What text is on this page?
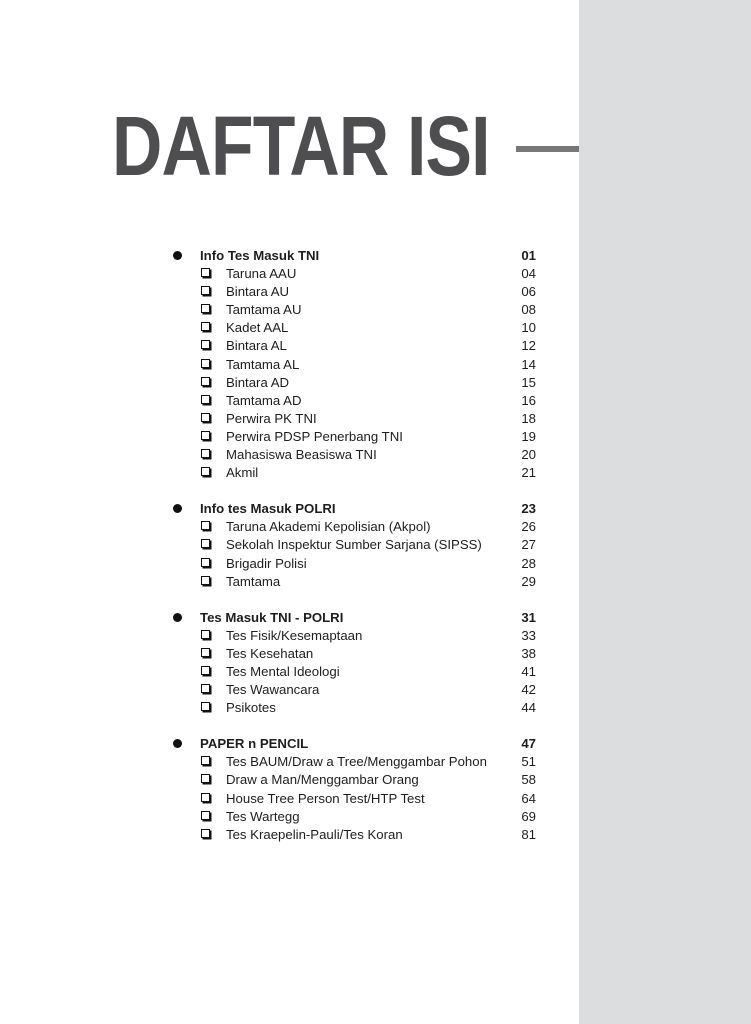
DAFTAR ISI
Info Tes Masuk TNI	01
Taruna AAU	04
Bintara AU	06
Tamtama AU	08
Kadet AAL	10
Bintara AL	12
Tamtama AL	14
Bintara AD	15
Tamtama AD	16
Perwira PK TNI	18
Perwira PDSP Penerbang TNI	19
Mahasiswa Beasiswa TNI	20
Akmil	21
Info tes Masuk POLRI	23
Taruna Akademi Kepolisian (Akpol)	26
Sekolah Inspektur Sumber Sarjana (SIPSS)	27
Brigadir Polisi	28
Tamtama	29
Tes Masuk TNI - POLRI	31
Tes Fisik/Kesemaptaan	33
Tes Kesehatan	38
Tes Mental Ideologi	41
Tes Wawancara	42
Psikotes	44
PAPER n PENCIL	47
Tes BAUM/Draw a Tree/Menggambar Pohon	51
Draw a Man/Menggambar Orang	58
House Tree Person Test/HTP Test	64
Tes Wartegg	69
Tes Kraepelin-Pauli/Tes Koran	81
